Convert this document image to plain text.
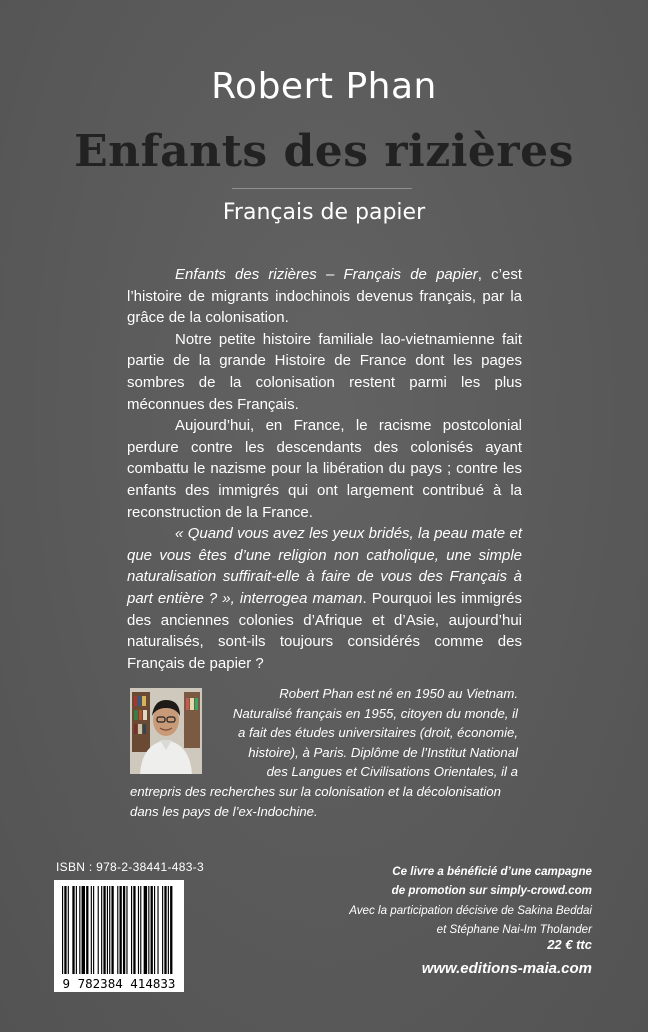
Robert Phan
Enfants des rizières
Français de papier

Enfants des rizières – Français de papier, c’est l’histoire de migrants indochinois devenus français, par la grâce de la colonisation.

Notre petite histoire familiale lao-vietnamienne fait partie de la grande Histoire de France dont les pages sombres de la colonisation restent parmi les plus méconnues des Français.

Aujourd’hui, en France, le racisme postcolonial perdure contre les descendants des colonisés ayant combattu le nazisme pour la libération du pays ; contre les enfants des immigrés qui ont largement contribué à la reconstruction de la France.

« Quand vous avez les yeux bridés, la peau mate et que vous êtes d’une religion non catholique, une simple naturalisation suffirait-elle à faire de vous des Français à part entière ? », interrogea maman. Pourquoi les immigrés des anciennes colonies d’Afrique et d’Asie, aujourd’hui naturalisés, sont-ils toujours considérés comme des Français de papier ?

Robert Phan est né en 1950 au Vietnam.
Naturalisé français en 1955, citoyen du monde, il
a fait des études universitaires (droit, économie,
histoire), à Paris. Diplôme de l’Institut National
des Langues et Civilisations Orientales, il a
entrepris des recherches sur la colonisation et la décolonisation
dans les pays de l’ex-Indochine.
ISBN : 978-2-38441-483-3
9 782384 414833
Ce livre a bénéficié d’une campagne
de promotion sur simply-crowd.com
Avec la participation décisive de Sakina Beddai
et Stéphane Nai-Im Tholander
22 € ttc
www.editions-maia.com
